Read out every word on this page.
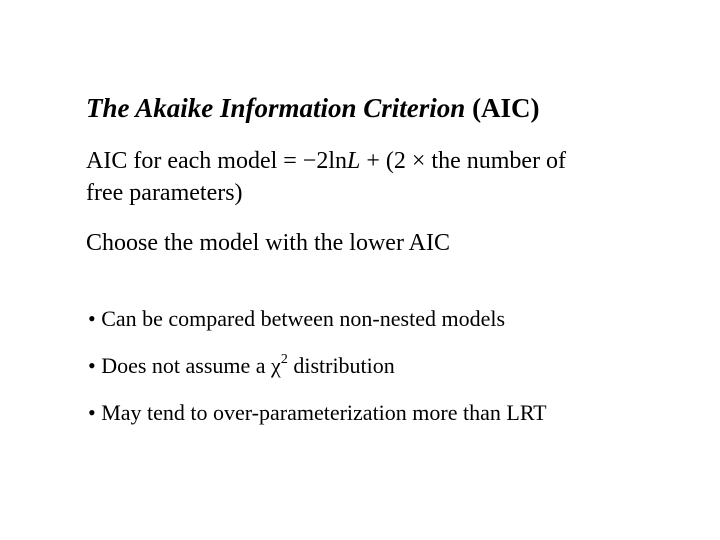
The Akaike Information Criterion (AIC)
AIC for each model = −2lnL + (2 × the number of
free parameters)
Choose the model with the lower AIC
• Can be compared between non-nested models
• Does not assume a $\chi^2$ distribution
• May tend to over-parameterization more than LRT
